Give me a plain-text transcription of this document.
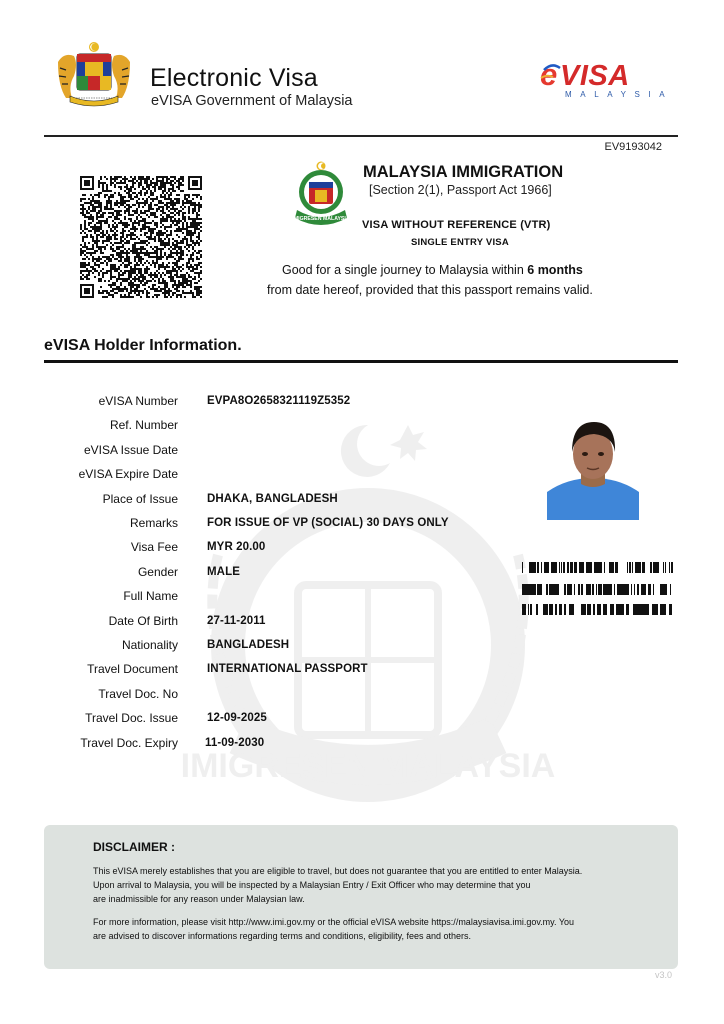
Electronic Visa
eVISA Government of Malaysia
e VISA
MALAYSIA
EV9193042
IMIGRESEN MALAYSIA
MALAYSIA IMMIGRATION
[Section 2(1), Passport Act 1966]
VISA WITHOUT REFERENCE (VTR)
SINGLE ENTRY VISA
Good for a single journey to Malaysia within 6 months
from date hereof, provided that this passport remains valid.
eVISA Holder Information.
IMIGRESEN MALAYSIA
eVISA Number	EVPA8O2658321119Z5352
Ref. Number
eVISA Issue Date
eVISA Expire Date
Place of Issue	DHAKA, BANGLADESH
Remarks	FOR ISSUE OF VP (SOCIAL) 30 DAYS ONLY
Visa Fee	MYR 20.00
Gender	MALE
Full Name
Date Of Birth	27-11-2011
Nationality	BANGLADESH
Travel Document	INTERNATIONAL PASSPORT
Travel Doc. No
Travel Doc. Issue	12-09-2025
Travel Doc. Expiry 11-09-2030
DISCLAIMER :
This eVISA merely establishes that you are eligible to travel, but does not guarantee that you are entitled to enter Malaysia.
Upon arrival to Malaysia, you will be inspected by a Malaysian Entry / Exit Officer who may determine that you
are inadmissible for any reason under Malaysian law.
For more information, please visit http://www.imi.gov.my or the official eVISA website https://malaysiavisa.imi.gov.my. You
are advised to discover informations regarding terms and conditions, eligibility, fees and others.
v3.0
